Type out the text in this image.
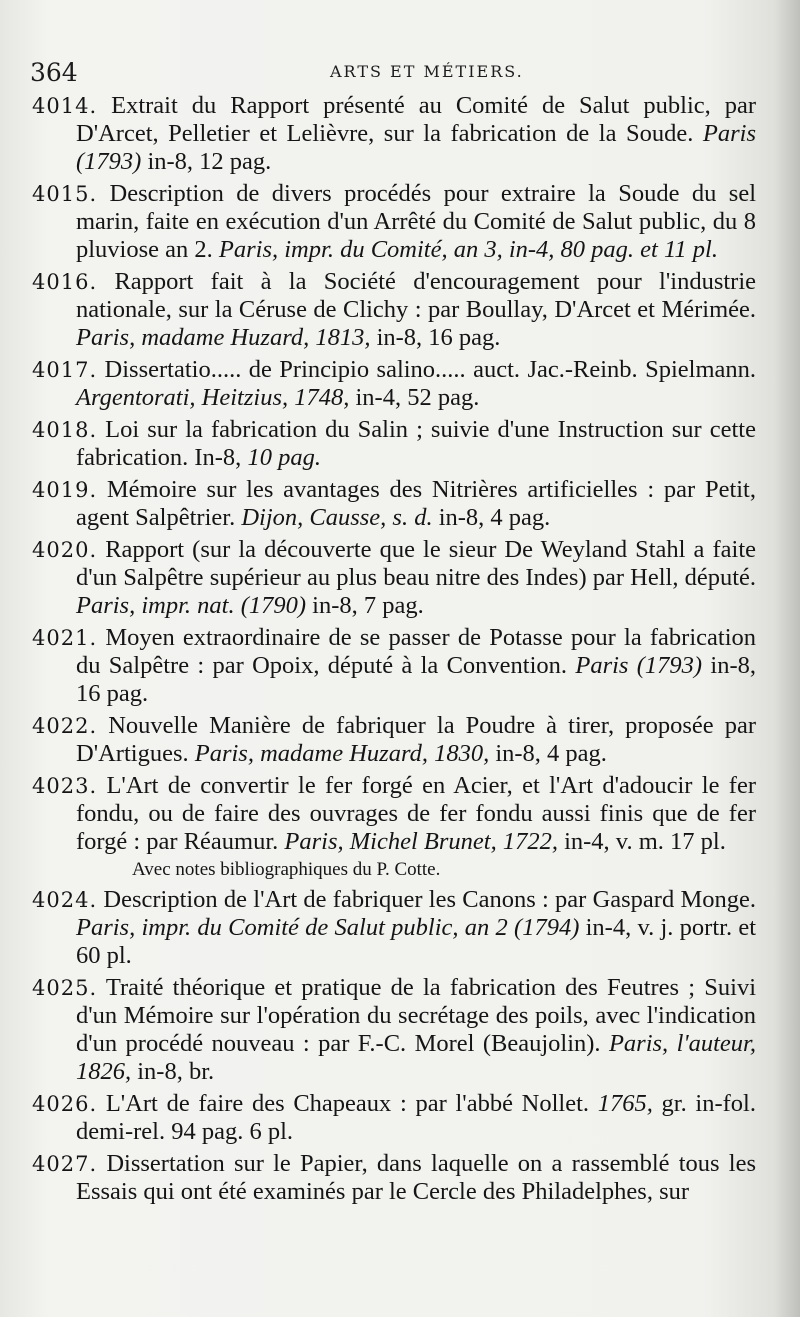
364	ARTS ET MÉTIERS.

4014. Extrait du Rapport présenté au Comité de Salut public, par D'Arcet, Pelletier et Lelièvre, sur la fabrication de la Soude. Paris (1793) in-8, 12 pag.

4015. Description de divers procédés pour extraire la Soude du sel marin, faite en exécution d'un Arrêté du Comité de Salut public, du 8 pluviose an 2. Paris, impr. du Comité, an 3, in-4, 80 pag. et 11 pl.

4016. Rapport fait à la Société d'encouragement pour l'industrie nationale, sur la Céruse de Clichy : par Boullay, D'Arcet et Mérimée. Paris, madame Huzard, 1813, in-8, 16 pag.

4017. Dissertatio..... de Principio salino..... auct. Jac.-Reinb. Spielmann. Argentorati, Heitzius, 1748, in-4, 52 pag.

4018. Loi sur la fabrication du Salin ; suivie d'une Instruction sur cette fabrication. In-8, 10 pag.

4019. Mémoire sur les avantages des Nitrières artificielles : par Petit, agent Salpêtrier. Dijon, Causse, s. d. in-8, 4 pag.

4020. Rapport (sur la découverte que le sieur De Weyland Stahl a faite d'un Salpêtre supérieur au plus beau nitre des Indes) par Hell, député. Paris, impr. nat. (1790) in-8, 7 pag.

4021. Moyen extraordinaire de se passer de Potasse pour la fabrication du Salpêtre : par Opoix, député à la Convention. Paris (1793) in-8, 16 pag.

4022. Nouvelle Manière de fabriquer la Poudre à tirer, proposée par D'Artigues. Paris, madame Huzard, 1830, in-8, 4 pag.

4023. L'Art de convertir le fer forgé en Acier, et l'Art d'adoucir le fer fondu, ou de faire des ouvrages de fer fondu aussi finis que de fer forgé : par Réaumur. Paris, Michel Brunet, 1722, in-4, v. m. 17 pl.

Avec notes bibliographiques du P. Cotte.

4024. Description de l'Art de fabriquer les Canons : par Gaspard Monge. Paris, impr. du Comité de Salut public, an 2 (1794) in-4, v. j. portr. et 60 pl.

4025. Traité théorique et pratique de la fabrication des Feutres ; Suivi d'un Mémoire sur l'opération du secrétage des poils, avec l'indication d'un procédé nouveau : par F.-C. Morel (Beaujolin). Paris, l'auteur, 1826, in-8, br.

4026. L'Art de faire des Chapeaux : par l'abbé Nollet. 1765, gr. in-fol. demi-rel. 94 pag. 6 pl.

4027. Dissertation sur le Papier, dans laquelle on a rassemblé tous les Essais qui ont été examinés par le Cercle des Philadelphes, sur
